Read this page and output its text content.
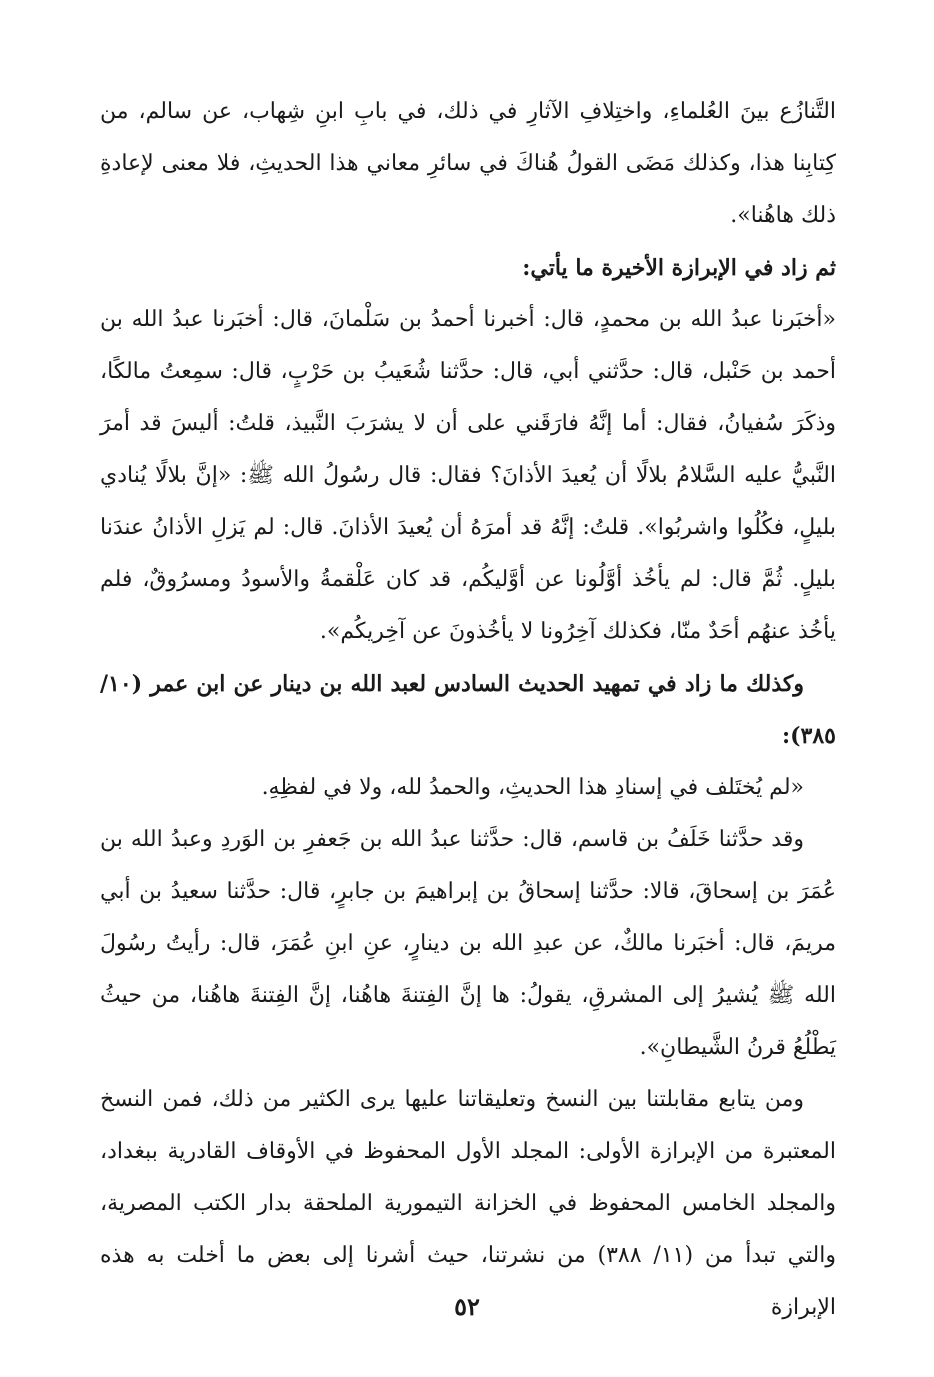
التَّنازُع بينَ العُلماءِ، واختِلافِ الآثارِ في ذلك، في بابِ ابنِ شِهاب، عن سالم، من كِتابِنا هذا، وكذلك مَضَى القولُ هُناكَ في سائرِ معاني هذا الحديثِ، فلا معنى لإعادةِ ذلك هاهُنا».

ثم زاد في الإبرازة الأخيرة ما يأتي:

«أخبَرنا عبدُ الله بن محمدٍ، قال: أخبرنا أحمدُ بن سَلْمانَ، قال: أخبَرنا عبدُ الله بن أحمد بن حَنْبل، قال: حدَّثني أبي، قال: حدَّثنا شُعَيبُ بن حَرْبٍ، قال: سمِعتُ مالكًا، وذكَرَ سُفيانُ، فقال: أما إنَّهُ فارَقَني على أن لا يشرَبَ النَّبيذ، قلتُ: أليسَ قد أمرَ النَّبيُّ عليه السَّلامُ بلالًا أن يُعيدَ الأذانَ؟ فقال: قال رسُولُ الله ﷺ: «إنَّ بلالًا يُنادي بليلٍ، فكُلُوا واشربُوا». قلتُ: إنَّهُ قد أمرَهُ أن يُعيدَ الأذانَ. قال: لم يَزلِ الأذانُ عندَنا بليلٍ. ثُمَّ قال: لم يأخُذ أوَّلُونا عن أوَّليكُم، قد كان عَلْقمةُ والأسودُ ومسرُوقٌ، فلم يأخُذ عنهُم أحَدٌ منّا، فكذلك آخِرُونا لا يأخُذونَ عن آخِريكُم».

وكذلك ما زاد في تمهيد الحديث السادس لعبد الله بن دينار عن ابن عمر (١٠/ ٣٨٥):

«لم يُختَلف في إسنادِ هذا الحديثِ، والحمدُ لله، ولا في لفظِهِ.

وقد حدَّثنا خَلَفُ بن قاسم، قال: حدَّثنا عبدُ الله بن جَعفرِ بن الوَردِ وعبدُ الله بن عُمَرَ بن إسحاقَ، قالا: حدَّثنا إسحاقُ بن إبراهيمَ بن جابرٍ، قال: حدَّثنا سعيدُ بن أبي مريمَ، قال: أخبَرنا مالكٌ، عن عبدِ الله بن دينارٍ، عنِ ابنِ عُمَرَ، قال: رأيتُ رسُولَ الله ﷺ يُشيرُ إلى المشرقِ، يقولُ: ها إنَّ الفِتنةَ هاهُنا، إنَّ الفِتنةَ هاهُنا، من حيثُ يَطْلُعُ قرنُ الشَّيطانِ».

ومن يتابع مقابلتنا بين النسخ وتعليقاتنا عليها يرى الكثير من ذلك، فمن النسخ المعتبرة من الإبرازة الأولى: المجلد الأول المحفوظ في الأوقاف القادرية ببغداد، والمجلد الخامس المحفوظ في الخزانة التيمورية الملحقة بدار الكتب المصرية، والتي تبدأ من (١١/ ٣٨٨) من نشرتنا، حيث أشرنا إلى بعض ما أخلت به هذه الإبرازة

٥٢
